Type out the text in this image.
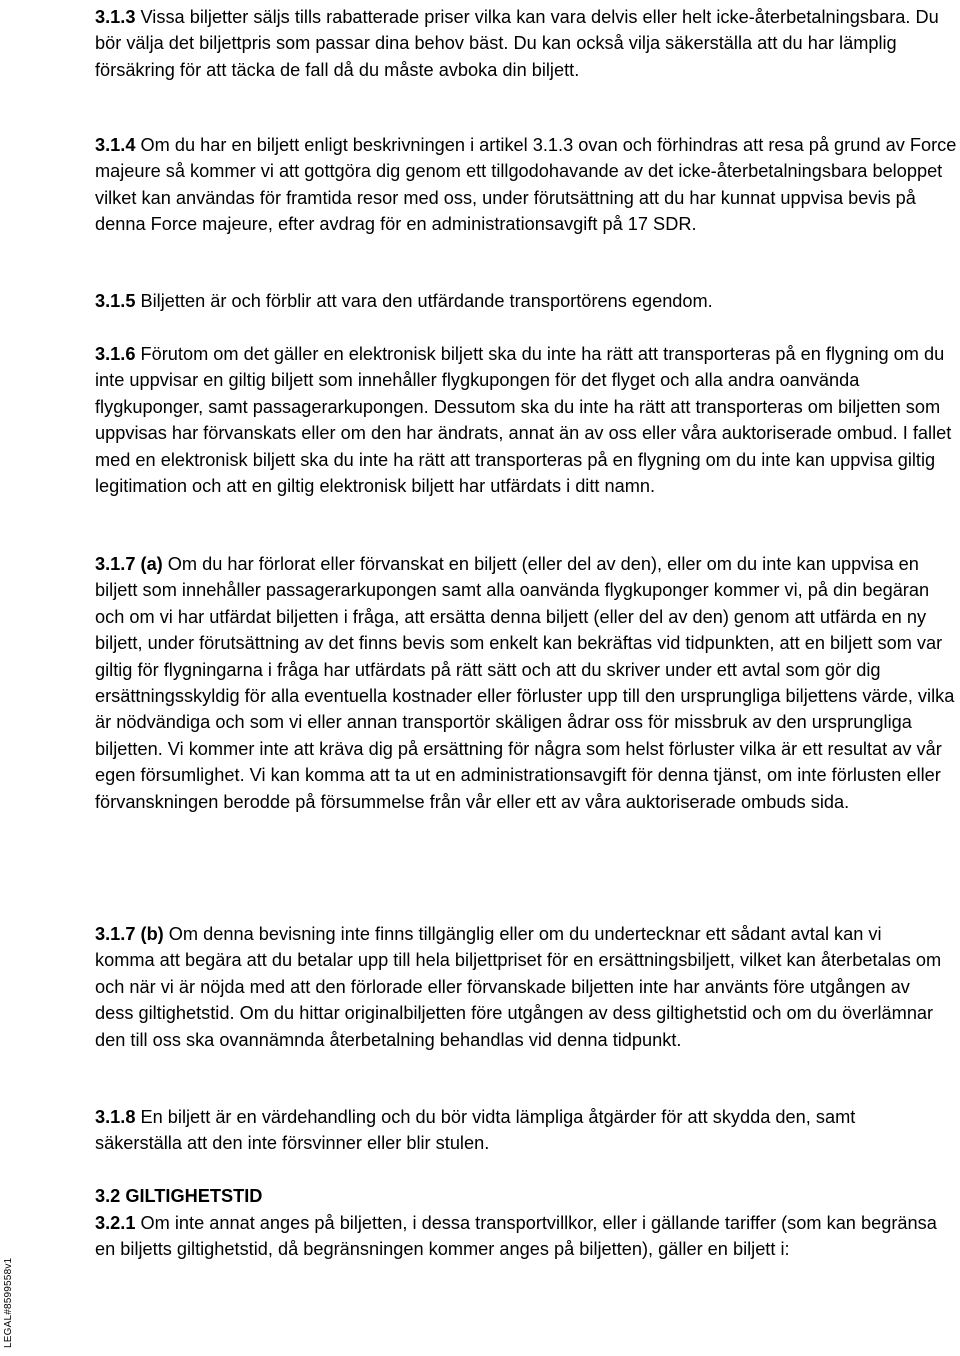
3.1.3 Vissa biljetter säljs tills rabatterade priser vilka kan vara delvis eller helt icke-återbetalningsbara. Du bör välja det biljettpris som passar dina behov bäst. Du kan också vilja säkerställa att du har lämplig försäkring för att täcka de fall då du måste avboka din biljett.

3.1.4 Om du har en biljett enligt beskrivningen i artikel 3.1.3 ovan och förhindras att resa på grund av Force majeure så kommer vi att gottgöra dig genom ett tillgodohavande av det icke-återbetalningsbara beloppet vilket kan användas för framtida resor med oss, under förutsättning att du har kunnat uppvisa bevis på denna Force majeure, efter avdrag för en administrationsavgift på 17 SDR.

3.1.5 Biljetten är och förblir att vara den utfärdande transportörens egendom.

3.1.6 Förutom om det gäller en elektronisk biljett ska du inte ha rätt att transporteras på en flygning om du inte uppvisar en giltig biljett som innehåller flygkupongen för det flyget och alla andra oanvända flygkuponger, samt passagerarkupongen. Dessutom ska du inte ha rätt att transporteras om biljetten som uppvisas har förvanskats eller om den har ändrats, annat än av oss eller våra auktoriserade ombud. I fallet med en elektronisk biljett ska du inte ha rätt att transporteras på en flygning om du inte kan uppvisa giltig legitimation och att en giltig elektronisk biljett har utfärdats i ditt namn.

3.1.7 (a) Om du har förlorat eller förvanskat en biljett (eller del av den), eller om du inte kan uppvisa en biljett som innehåller passagerarkupongen samt alla oanvända flygkuponger kommer vi, på din begäran och om vi har utfärdat biljetten i fråga, att ersätta denna biljett (eller del av den) genom att utfärda en ny biljett, under förutsättning av det finns bevis som enkelt kan bekräftas vid tidpunkten, att en biljett som var giltig för flygningarna i fråga har utfärdats på rätt sätt och att du skriver under ett avtal som gör dig ersättningsskyldig för alla eventuella kostnader eller förluster upp till den ursprungliga biljettens värde, vilka är nödvändiga och som vi eller annan transportör skäligen ådrar oss för missbruk av den ursprungliga biljetten. Vi kommer inte att kräva dig på ersättning för några som helst förluster vilka är ett resultat av vår egen försumlighet. Vi kan komma att ta ut en administrationsavgift för denna tjänst, om inte förlusten eller förvanskningen berodde på försummelse från vår eller ett av våra auktoriserade ombuds sida.

3.1.7 (b) Om denna bevisning inte finns tillgänglig eller om du undertecknar ett sådant avtal kan vi komma att begära att du betalar upp till hela biljettpriset för en ersättningsbiljett, vilket kan återbetalas om och när vi är nöjda med att den förlorade eller förvanskade biljetten inte har använts före utgången av dess giltighetstid. Om du hittar originalbiljetten före utgången av dess giltighetstid och om du överlämnar den till oss ska ovannämnda återbetalning behandlas vid denna tidpunkt.

3.1.8 En biljett är en värdehandling och du bör vidta lämpliga åtgärder för att skydda den, samt säkerställa att den inte försvinner eller blir stulen.

3.2 GILTIGHETSTID

3.2.1 Om inte annat anges på biljetten, i dessa transportvillkor, eller i gällande tariffer (som kan begränsa en biljetts giltighetstid, då begränsningen kommer anges på biljetten), gäller en biljett i:

LEGAL#8599558v1
